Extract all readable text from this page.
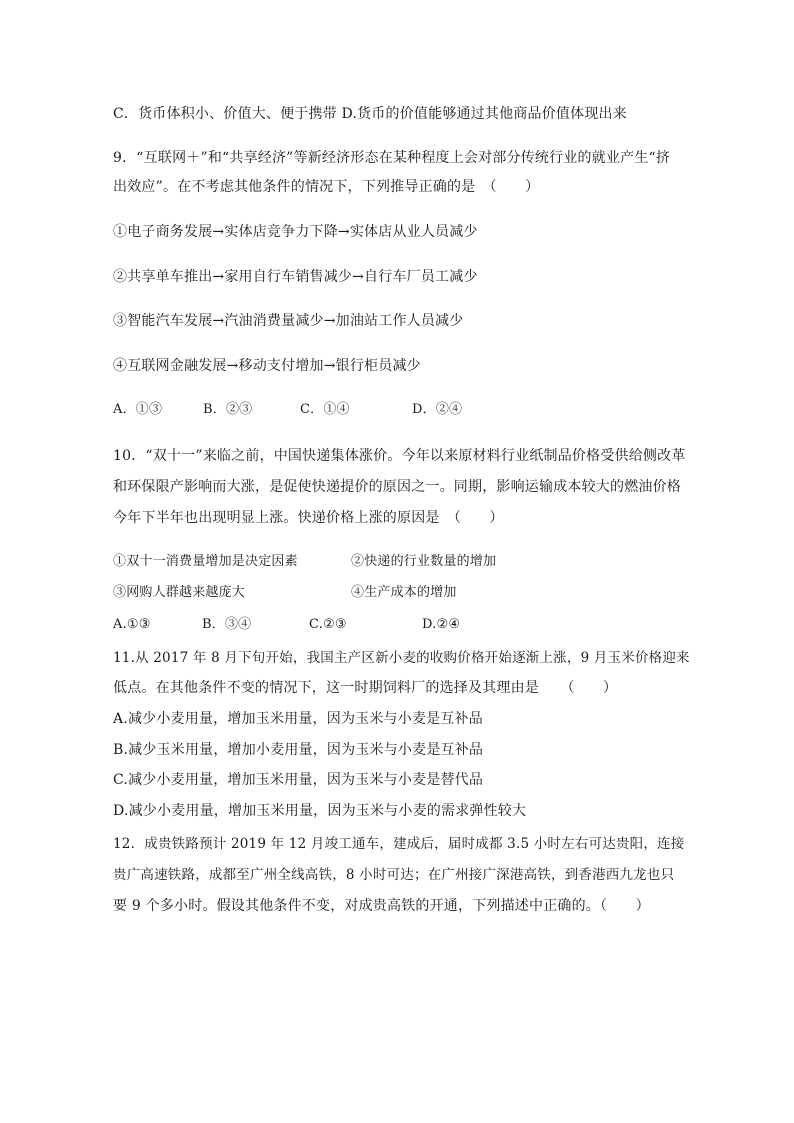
C．货币体积小、价值大、便于携带 D.货币的价值能够通过其他商品价值体现出来
9．“互联网＋”和“共享经济”等新经济形态在某种程度上会对部分传统行业的就业产生“挤
出效应”。在不考虑其他条件的情况下，下列推导正确的是　（　　）
①电子商务发展→实体店竞争力下降→实体店从业人员减少
②共享单车推出→家用自行车销售减少→自行车厂员工减少
③智能汽车发展→汽油消费量减少→加油站工作人员减少
④互联网金融发展→移动支付增加→银行柜员减少
A．①③	B．②③	C．①④	D．②④
10．“双十一”来临之前，中国快递集体涨价。今年以来原材料行业纸制品价格受供给侧改革
和环保限产影响而大涨，是促使快递提价的原因之一。同期，影响运输成本较大的燃油价格
今年下半年也出现明显上涨。快递价格上涨的原因是　（　　）
①双十一消费量增加是决定因素	②快递的行业数量的增加
③网购人群越来越庞大	④生产成本的增加
A.①③	B．③④	C.②③	D.②④
11.从 2017 年 8 月下旬开始，我国主产区新小麦的收购价格开始逐渐上涨，9 月玉米价格迎来
低点。在其他条件不变的情况下，这一时期饲料厂的选择及其理由是　　（　　）
A.减少小麦用量，增加玉米用量，因为玉米与小麦是互补品
B.减少玉米用量，增加小麦用量，因为玉米与小麦是互补品
C.减少小麦用量，增加玉米用量，因为玉米与小麦是替代品
D.减少小麦用量，增加玉米用量，因为玉米与小麦的需求弹性较大
12．成贵铁路预计 2019 年 12 月竣工通车，建成后，届时成都 3.5 小时左右可达贵阳，连接
贵广高速铁路，成都至广州全线高铁，8 小时可达；在广州接广深港高铁，到香港西九龙也只
要 9 个多小时。假设其他条件不变，对成贵高铁的开通，下列描述中正确的。（　　）
